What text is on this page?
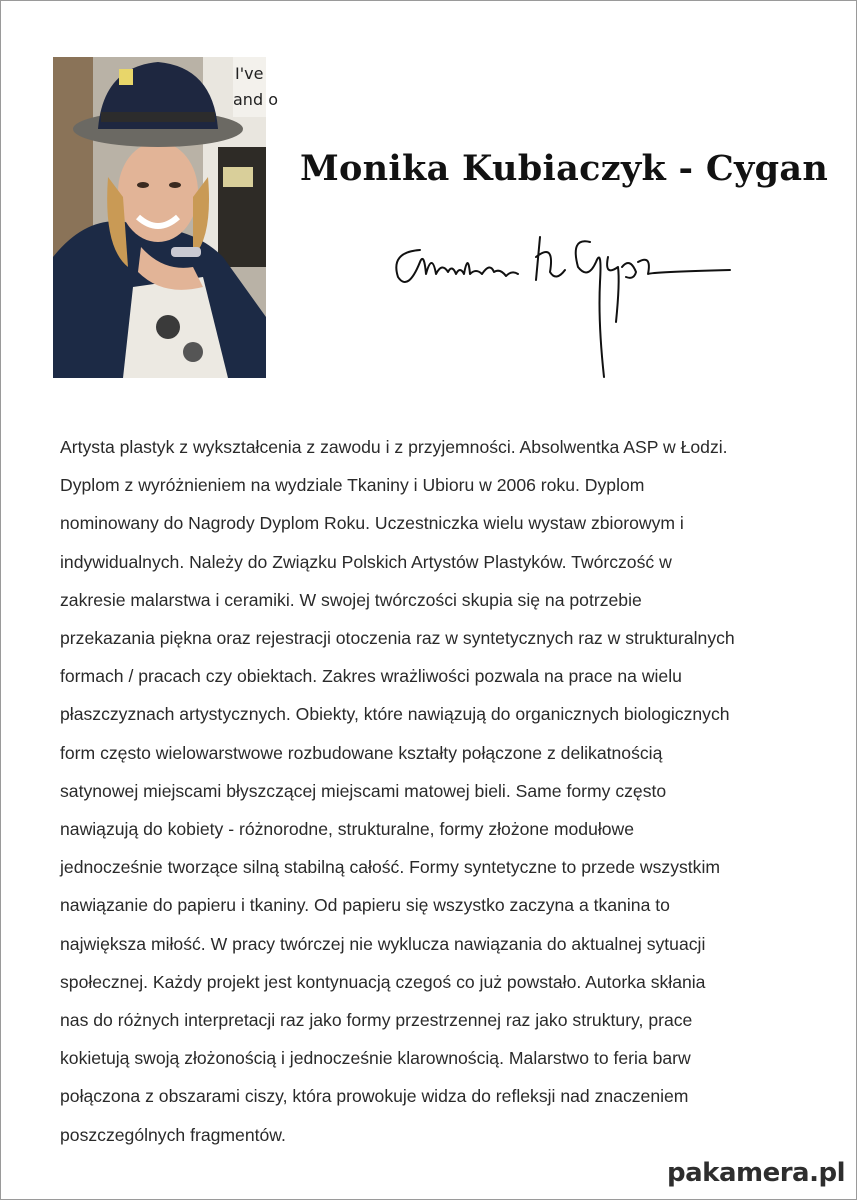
I've
and o
Monika Kubiaczyk - Cygan

Artysta plastyk z wykształcenia z zawodu i z przyjemności. Absolwentka ASP w Łodzi.
Dyplom z wyróżnieniem na wydziale Tkaniny i Ubioru w 2006 roku. Dyplom
nominowany do Nagrody Dyplom Roku. Uczestniczka wielu wystaw zbiorowym i
indywidualnych. Należy do Związku Polskich Artystów Plastyków. Twórczość w
zakresie malarstwa i ceramiki. W swojej twórczości skupia się na potrzebie
przekazania piękna oraz rejestracji otoczenia raz w syntetycznych raz w strukturalnych
formach / pracach czy obiektach. Zakres wrażliwości pozwala na prace na wielu
płaszczyznach artystycznych. Obiekty, które nawiązują do organicznych biologicznych
form często wielowarstwowe rozbudowane kształty połączone z delikatnością
satynowej miejscami błyszczącej miejscami matowej bieli. Same formy często
nawiązują do kobiety - różnorodne, strukturalne, formy złożone modułowe
jednocześnie tworzące silną stabilną całość. Formy syntetyczne to przede wszystkim
nawiązanie do papieru i tkaniny. Od papieru się wszystko zaczyna a tkanina to
największa miłość. W pracy twórczej nie wyklucza nawiązania do aktualnej sytuacji
społecznej. Każdy projekt jest kontynuacją czegoś co już powstało. Autorka skłania
nas do różnych interpretacji raz jako formy przestrzennej raz jako struktury, prace
kokietują swoją złożonością i jednocześnie klarownością. Malarstwo to feria barw
połączona z obszarami ciszy, która prowokuje widza do refleksji nad znaczeniem
poszczególnych fragmentów.

pakamera.pl
